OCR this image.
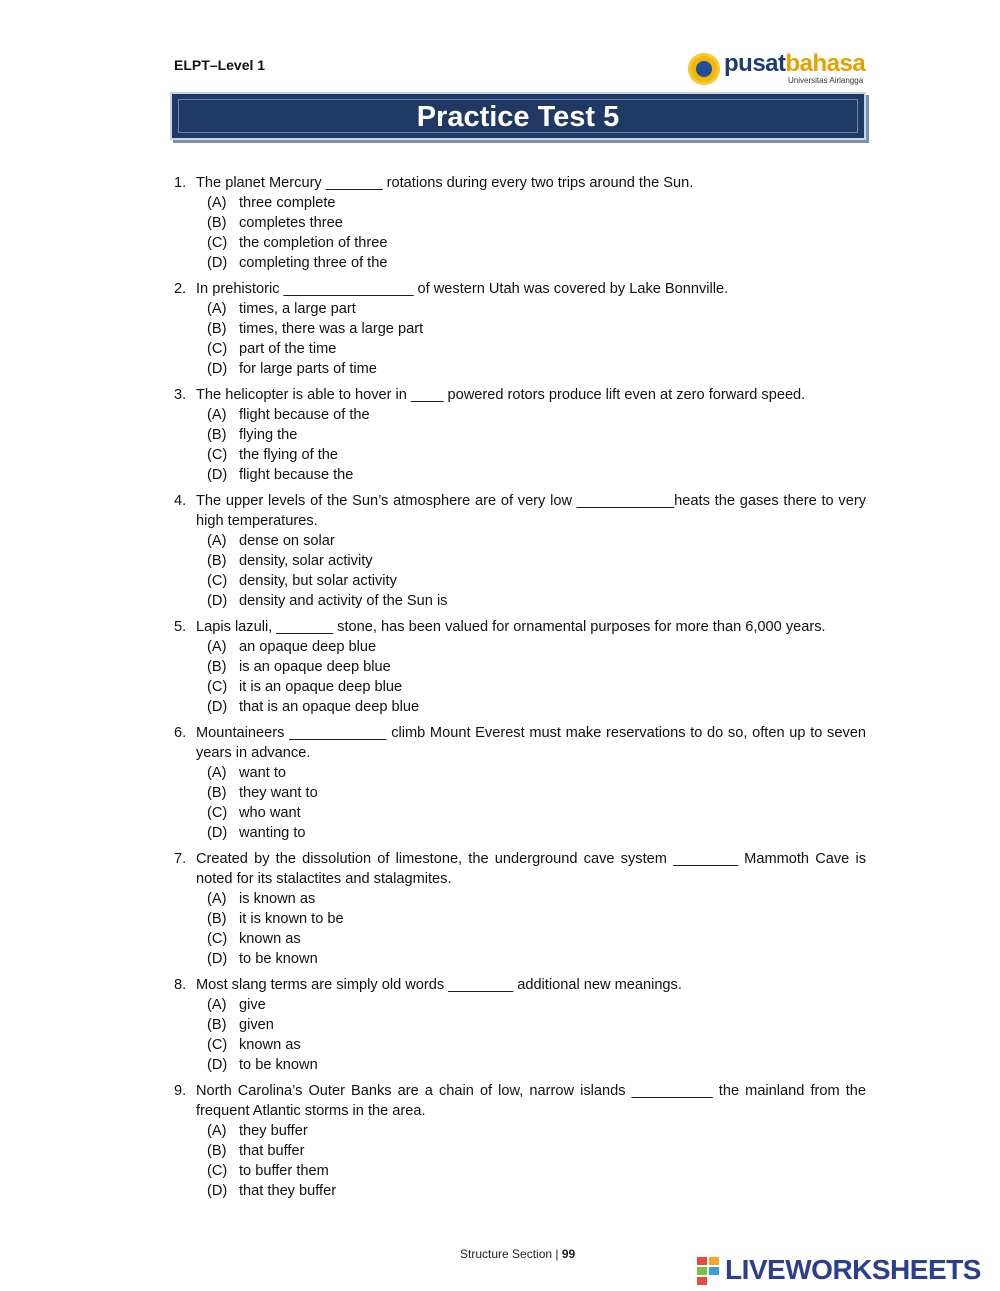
ELPT–Level 1	pusatbahasa
Universitas Airlangga
Practice Test 5
1. The planet Mercury _______ rotations during every two trips around the Sun.
(A) three complete
(B) completes three
(C) the completion of three
(D) completing three of the
2. In prehistoric ________________ of western Utah was covered by Lake Bonnville.
(A) times, a large part
(B) times, there was a large part
(C) part of the time
(D) for large parts of time
3. The helicopter is able to hover in ____ powered rotors produce lift even at zero forward speed.
(A) flight because of the
(B) flying the
(C) the flying of the
(D) flight because the
4. The upper levels of the Sun’s atmosphere are of very low ____________heats the gases there to very high temperatures.
(A) dense on solar
(B) density, solar activity
(C) density, but solar activity
(D) density and activity of the Sun is
5. Lapis lazuli, _______ stone, has been valued for ornamental purposes for more than 6,000 years.
(A) an opaque deep blue
(B) is an opaque deep blue
(C) it is an opaque deep blue
(D) that is an opaque deep blue
6. Mountaineers ____________ climb Mount Everest must make reservations to do so, often up to seven years in advance.
(A) want to
(B) they want to
(C) who want
(D) wanting to
7. Created by the dissolution of limestone, the underground cave system ________ Mammoth Cave is noted for its stalactites and stalagmites.
(A) is known as
(B) it is known to be
(C) known as
(D) to be known
8. Most slang terms are simply old words ________ additional new meanings.
(A) give
(B) given
(C) known as
(D) to be known
9. North Carolina’s Outer Banks are a chain of low, narrow islands __________ the mainland from the frequent Atlantic storms in the area.
(A) they buffer
(B) that buffer
(C) to buffer them
(D) that they buffer
Structure Section | 99	LIVEWORKSHEETS
